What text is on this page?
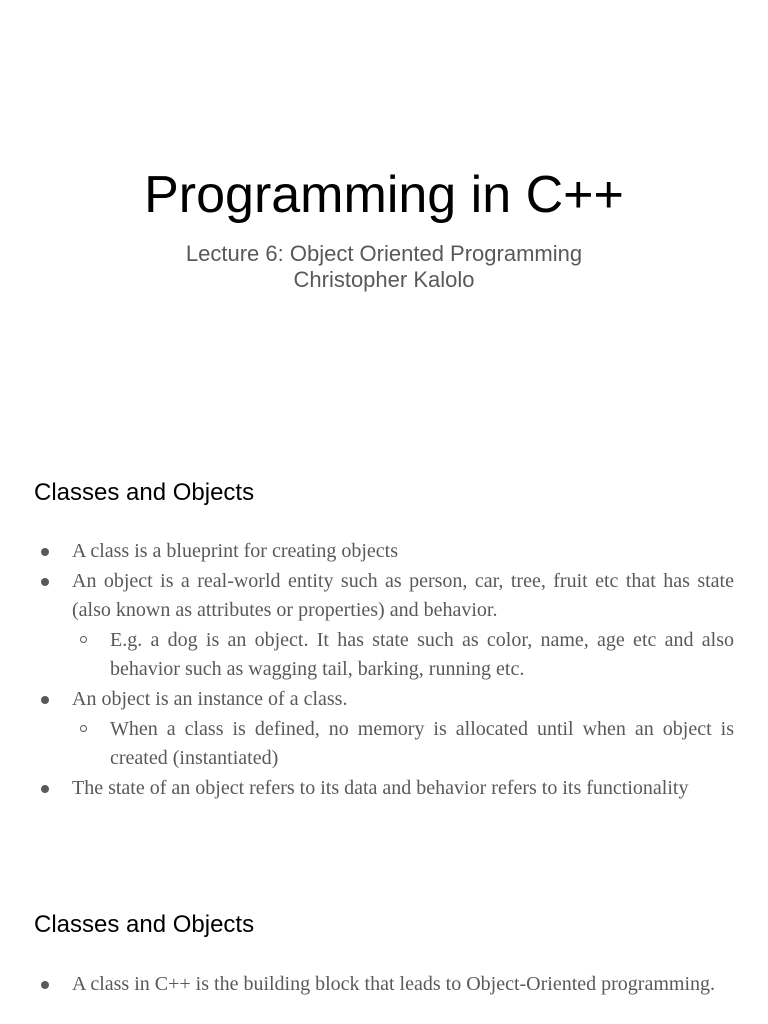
Programming in C++
Lecture 6: Object Oriented Programming
Christopher Kalolo
Classes and Objects
A class is a blueprint for creating objects
An object is a real-world entity such as person, car, tree, fruit etc that has state (also known as attributes or properties) and behavior.
E.g. a dog is an object. It has state such as color, name, age etc and also behavior such as wagging tail, barking, running etc.
An object is an instance of a class.
When a class is defined, no memory is allocated until when an object is created (instantiated)
The state of an object refers to its data and behavior refers to its functionality
Classes and Objects
A class in C++ is the building block that leads to Object-Oriented programming.
